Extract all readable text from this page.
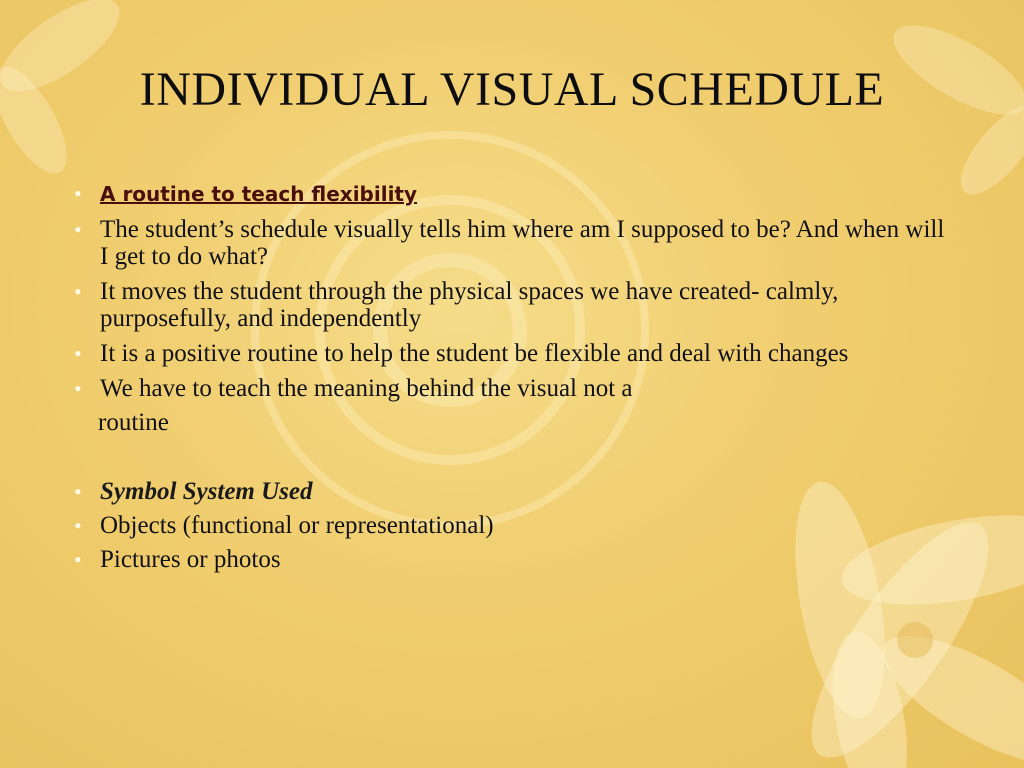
INDIVIDUAL VISUAL SCHEDULE

• A routine to teach flexibility

• The student’s schedule visually tells him where am I supposed to be? And when will I get to do what?

• It moves the student through the physical spaces we have created- calmly, purposefully, and independently

• It is a positive routine to help the student be flexible and deal with changes

• We have to teach the meaning behind the visual not a

routine

• Symbol System Used

• Objects (functional or representational)

• Pictures or photos
